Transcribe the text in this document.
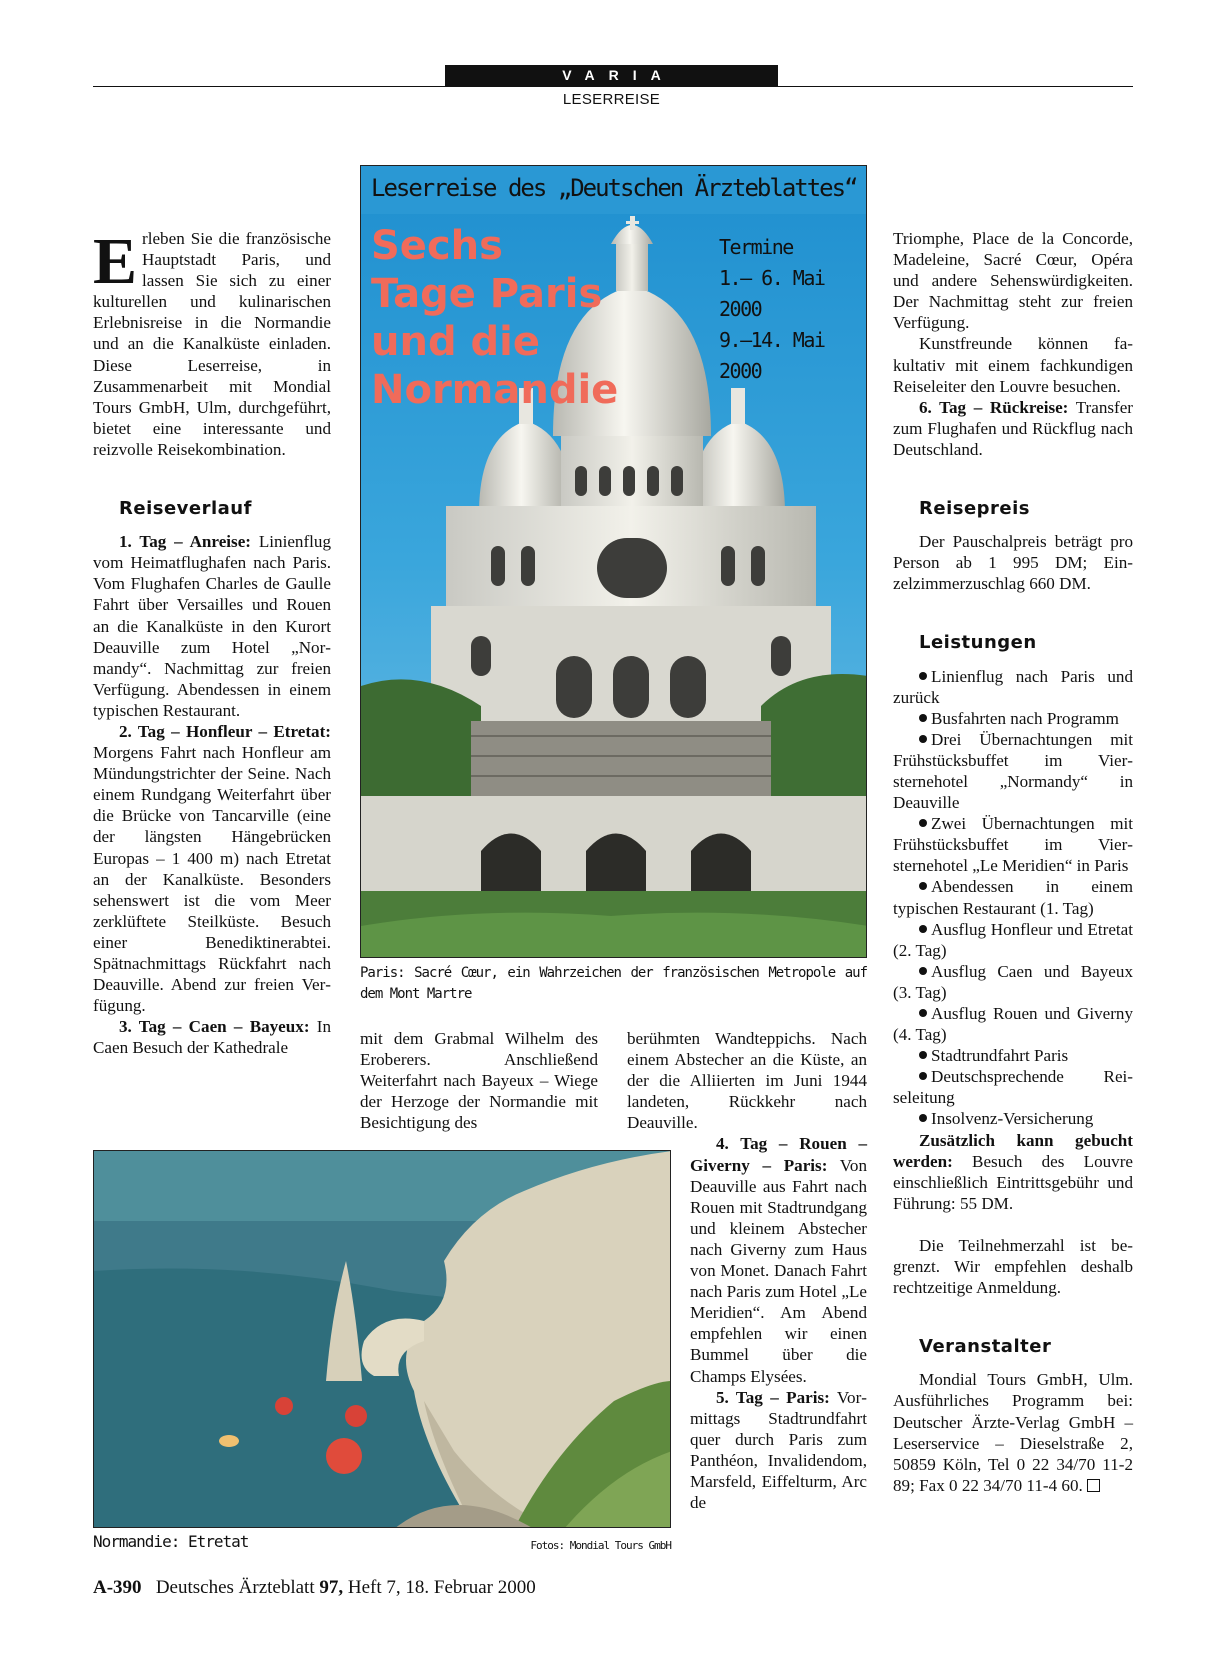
VARIA
LESERREISE

Erleben Sie die französische Hauptstadt Paris, und lassen Sie sich zu einer kulturellen und kulinarischen Erlebnisreise in die Normandie und an die Kanalküste einladen. Diese Leserreise, in Zusammenarbeit mit Mondial Tours GmbH, Ulm, durchgeführt, bietet eine interessante und reizvolle Reisekombination.

Reiseverlauf

1. Tag – Anreise: Linienflug vom Heimatflughafen nach Paris. Vom Flughafen Charles de Gaulle Fahrt über Versailles und Rouen an die Kanalküste in den Kurort Deauville zum Hotel „Normandy“. Nachmittag zur freien Verfügung. Abendessen in einem typischen Restaurant.

2. Tag – Honfleur – Etretat: Morgens Fahrt nach Honfleur am Mündungstrichter der Seine. Nach einem Rundgang Weiterfahrt über die Brücke von Tancarville (eine der längsten Hängebrücken Europas – 1 400 m) nach Etretat an der Kanalküste. Besonders sehenswert ist die vom Meer zerklüftete Steilküste. Besuch einer Benediktinerabtei. Spätnachmittags Rückfahrt nach Deauville. Abend zur freien Verfügung.

3. Tag – Caen – Bayeux: In Caen Besuch der Kathedrale

Leserreise des „Deutschen Ärzteblattes“
Sechs
Tage Paris
und die
Normandie
Termine
1.– 6. Mai 2000
9.–14. Mai 2000
Paris: Sacré Cœur, ein Wahrzeichen der französischen Metropole auf dem Mont Martre

mit dem Grabmal Wilhelm des Eroberers. Anschließend Weiterfahrt nach Bayeux – Wiege der Herzoge der Normandie mit Besichtigung des

berühmten Wandteppichs. Nach einem Abstecher an die Küste, an der die Alliierten im Juni 1944 landeten, Rückkehr nach Deauville.

4. Tag – Rouen – Giverny – Paris: Von Deauville aus Fahrt nach Rouen mit Stadtrundgang und kleinem Abstecher nach Giverny zum Haus von Monet. Danach Fahrt nach Paris zum Hotel „Le Meridien“. Am Abend empfehlen wir einen Bummel über die Champs Elysées.

5. Tag – Paris: Vormittags Stadtrundfahrt quer durch Paris zum Panthéon, Invalidendom, Marsfeld, Eiffelturm, Arc de

Normandie: Etretat	Fotos: Mondial Tours GmbH

Triomphe, Place de la Concorde, Madeleine, Sacré Cœur, Opéra und andere Sehenswürdigkeiten. Der Nachmittag steht zur freien Verfügung.

Kunstfreunde können fakultativ mit einem fachkundigen Reiseleiter den Louvre besuchen.

6. Tag – Rückreise: Transfer zum Flughafen und Rückflug nach Deutschland.

Reisepreis

Der Pauschalpreis beträgt pro Person ab 1 995 DM; Einzelzimmerzuschlag 660 DM.

Leistungen

Linienflug nach Paris und zurück

Busfahrten nach Programm

Drei Übernachtungen mit Frühstücksbuffet im Viersternehotel „Normandy“ in Deauville

Zwei Übernachtungen mit Frühstücksbuffet im Viersternehotel „Le Meridien“ in Paris

Abendessen in einem typischen Restaurant (1. Tag)

Ausflug Honfleur und Etretat (2. Tag)

Ausflug Caen und Bayeux (3. Tag)

Ausflug Rouen und Giverny (4. Tag)

Stadtrundfahrt Paris

Deutschsprechende Reiseleitung

Insolvenz-Versicherung

Zusätzlich kann gebucht werden: Besuch des Louvre einschließlich Eintrittsgebühr und Führung: 55 DM.

Die Teilnehmerzahl ist begrenzt. Wir empfehlen deshalb rechtzeitige Anmeldung.

Veranstalter

Mondial Tours GmbH, Ulm. Ausführliches Programm bei: Deutscher Ärzte-Verlag GmbH – Leserservice – Dieselstraße 2, 50859 Köln, Tel 0 22 34/70 11-2 89; Fax 0 22 34/70 11-4 60.

A-390 Deutsches Ärzteblatt 97, Heft 7, 18. Februar 2000
